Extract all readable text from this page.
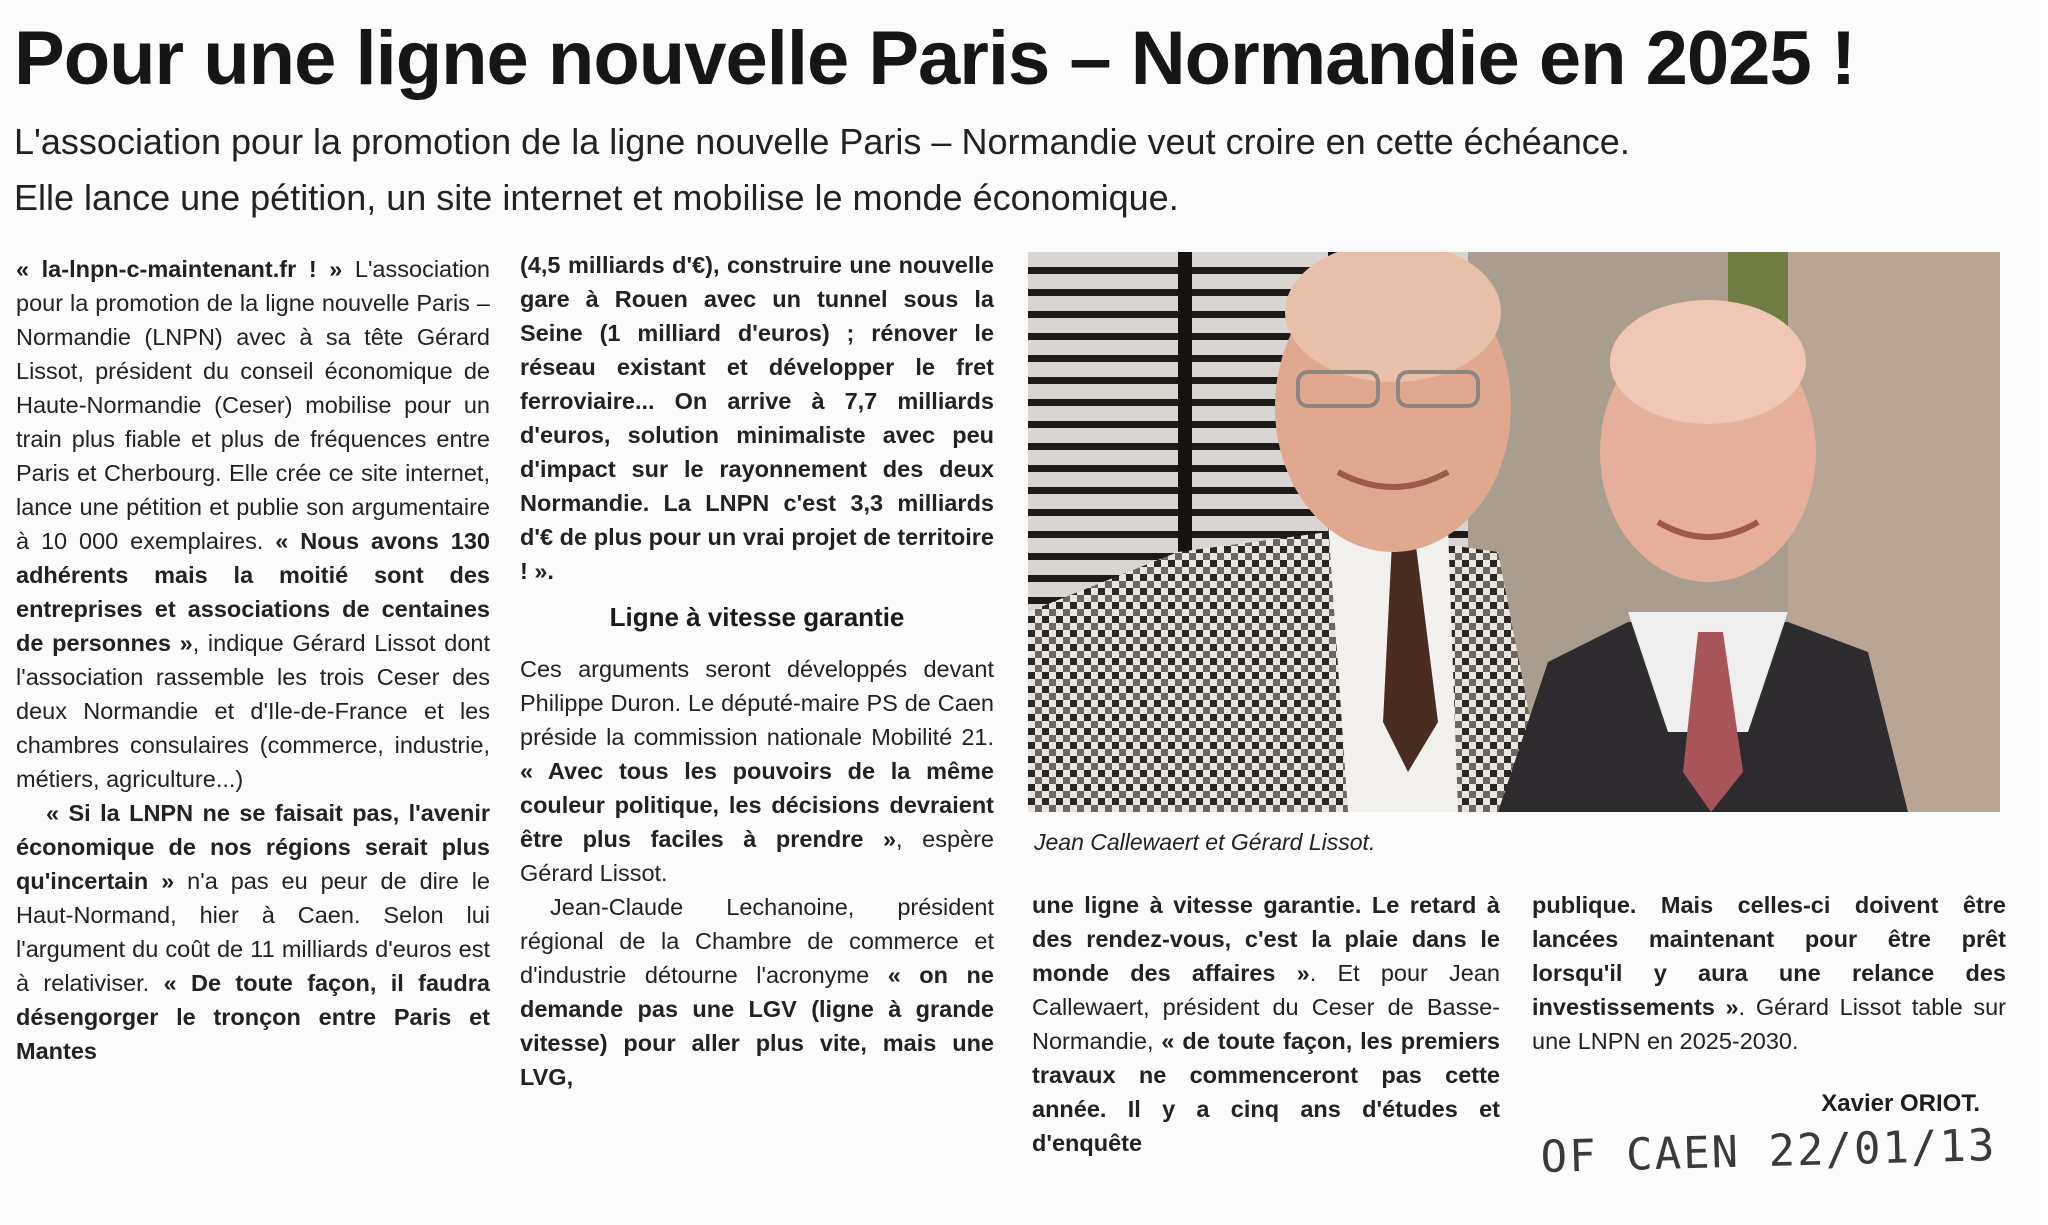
Pour une ligne nouvelle Paris – Normandie en 2025 !
L'association pour la promotion de la ligne nouvelle Paris – Normandie veut croire en cette échéance.
Elle lance une pétition, un site internet et mobilise le monde économique.

« la-lnpn-c-maintenant.fr ! » L'association pour la promotion de la ligne nouvelle Paris – Normandie (LNPN) avec à sa tête Gérard Lissot, président du conseil économique de Haute-Normandie (Ceser) mobilise pour un train plus fiable et plus de fréquences entre Paris et Cherbourg. Elle crée ce site internet, lance une pétition et publie son argumentaire à 10 000 exemplaires. « Nous avons 130 adhérents mais la moitié sont des entreprises et associations de centaines de personnes », indique Gérard Lissot dont l'association rassemble les trois Ceser des deux Normandie et d'Ile-de-France et les chambres consulaires (commerce, industrie, métiers, agriculture...)

« Si la LNPN ne se faisait pas, l'avenir économique de nos régions serait plus qu'incertain » n'a pas eu peur de dire le Haut-Normand, hier à Caen. Selon lui l'argument du coût de 11 milliards d'euros est à relativiser. « De toute façon, il faudra désengorger le tronçon entre Paris et Mantes

(4,5 milliards d'€), construire une nouvelle gare à Rouen avec un tunnel sous la Seine (1 milliard d'euros) ; rénover le réseau existant et développer le fret ferroviaire... On arrive à 7,7 milliards d'euros, solution minimaliste avec peu d'impact sur le rayonnement des deux Normandie. La LNPN c'est 3,3 milliards d'€ de plus pour un vrai projet de territoire ! ».

Ligne à vitesse garantie

Ces arguments seront développés devant Philippe Duron. Le député-maire PS de Caen préside la commission nationale Mobilité 21. « Avec tous les pouvoirs de la même couleur politique, les décisions devraient être plus faciles à prendre », espère Gérard Lissot.

Jean-Claude Lechanoine, président régional de la Chambre de commerce et d'industrie détourne l'acronyme « on ne demande pas une LGV (ligne à grande vitesse) pour aller plus vite, mais une LVG,

Jean Callewaert et Gérard Lissot.

une ligne à vitesse garantie. Le retard à des rendez-vous, c'est la plaie dans le monde des affaires ». Et pour Jean Callewaert, président du Ceser de Basse-Normandie, « de toute façon, les premiers travaux ne commenceront pas cette année. Il y a cinq ans d'études et d'enquête

publique. Mais celles-ci doivent être lancées maintenant pour être prêt lorsqu'il y aura une relance des investissements ». Gérard Lissot table sur une LNPN en 2025-2030.

Xavier ORIOT.
OF CAEN 22/01/13
